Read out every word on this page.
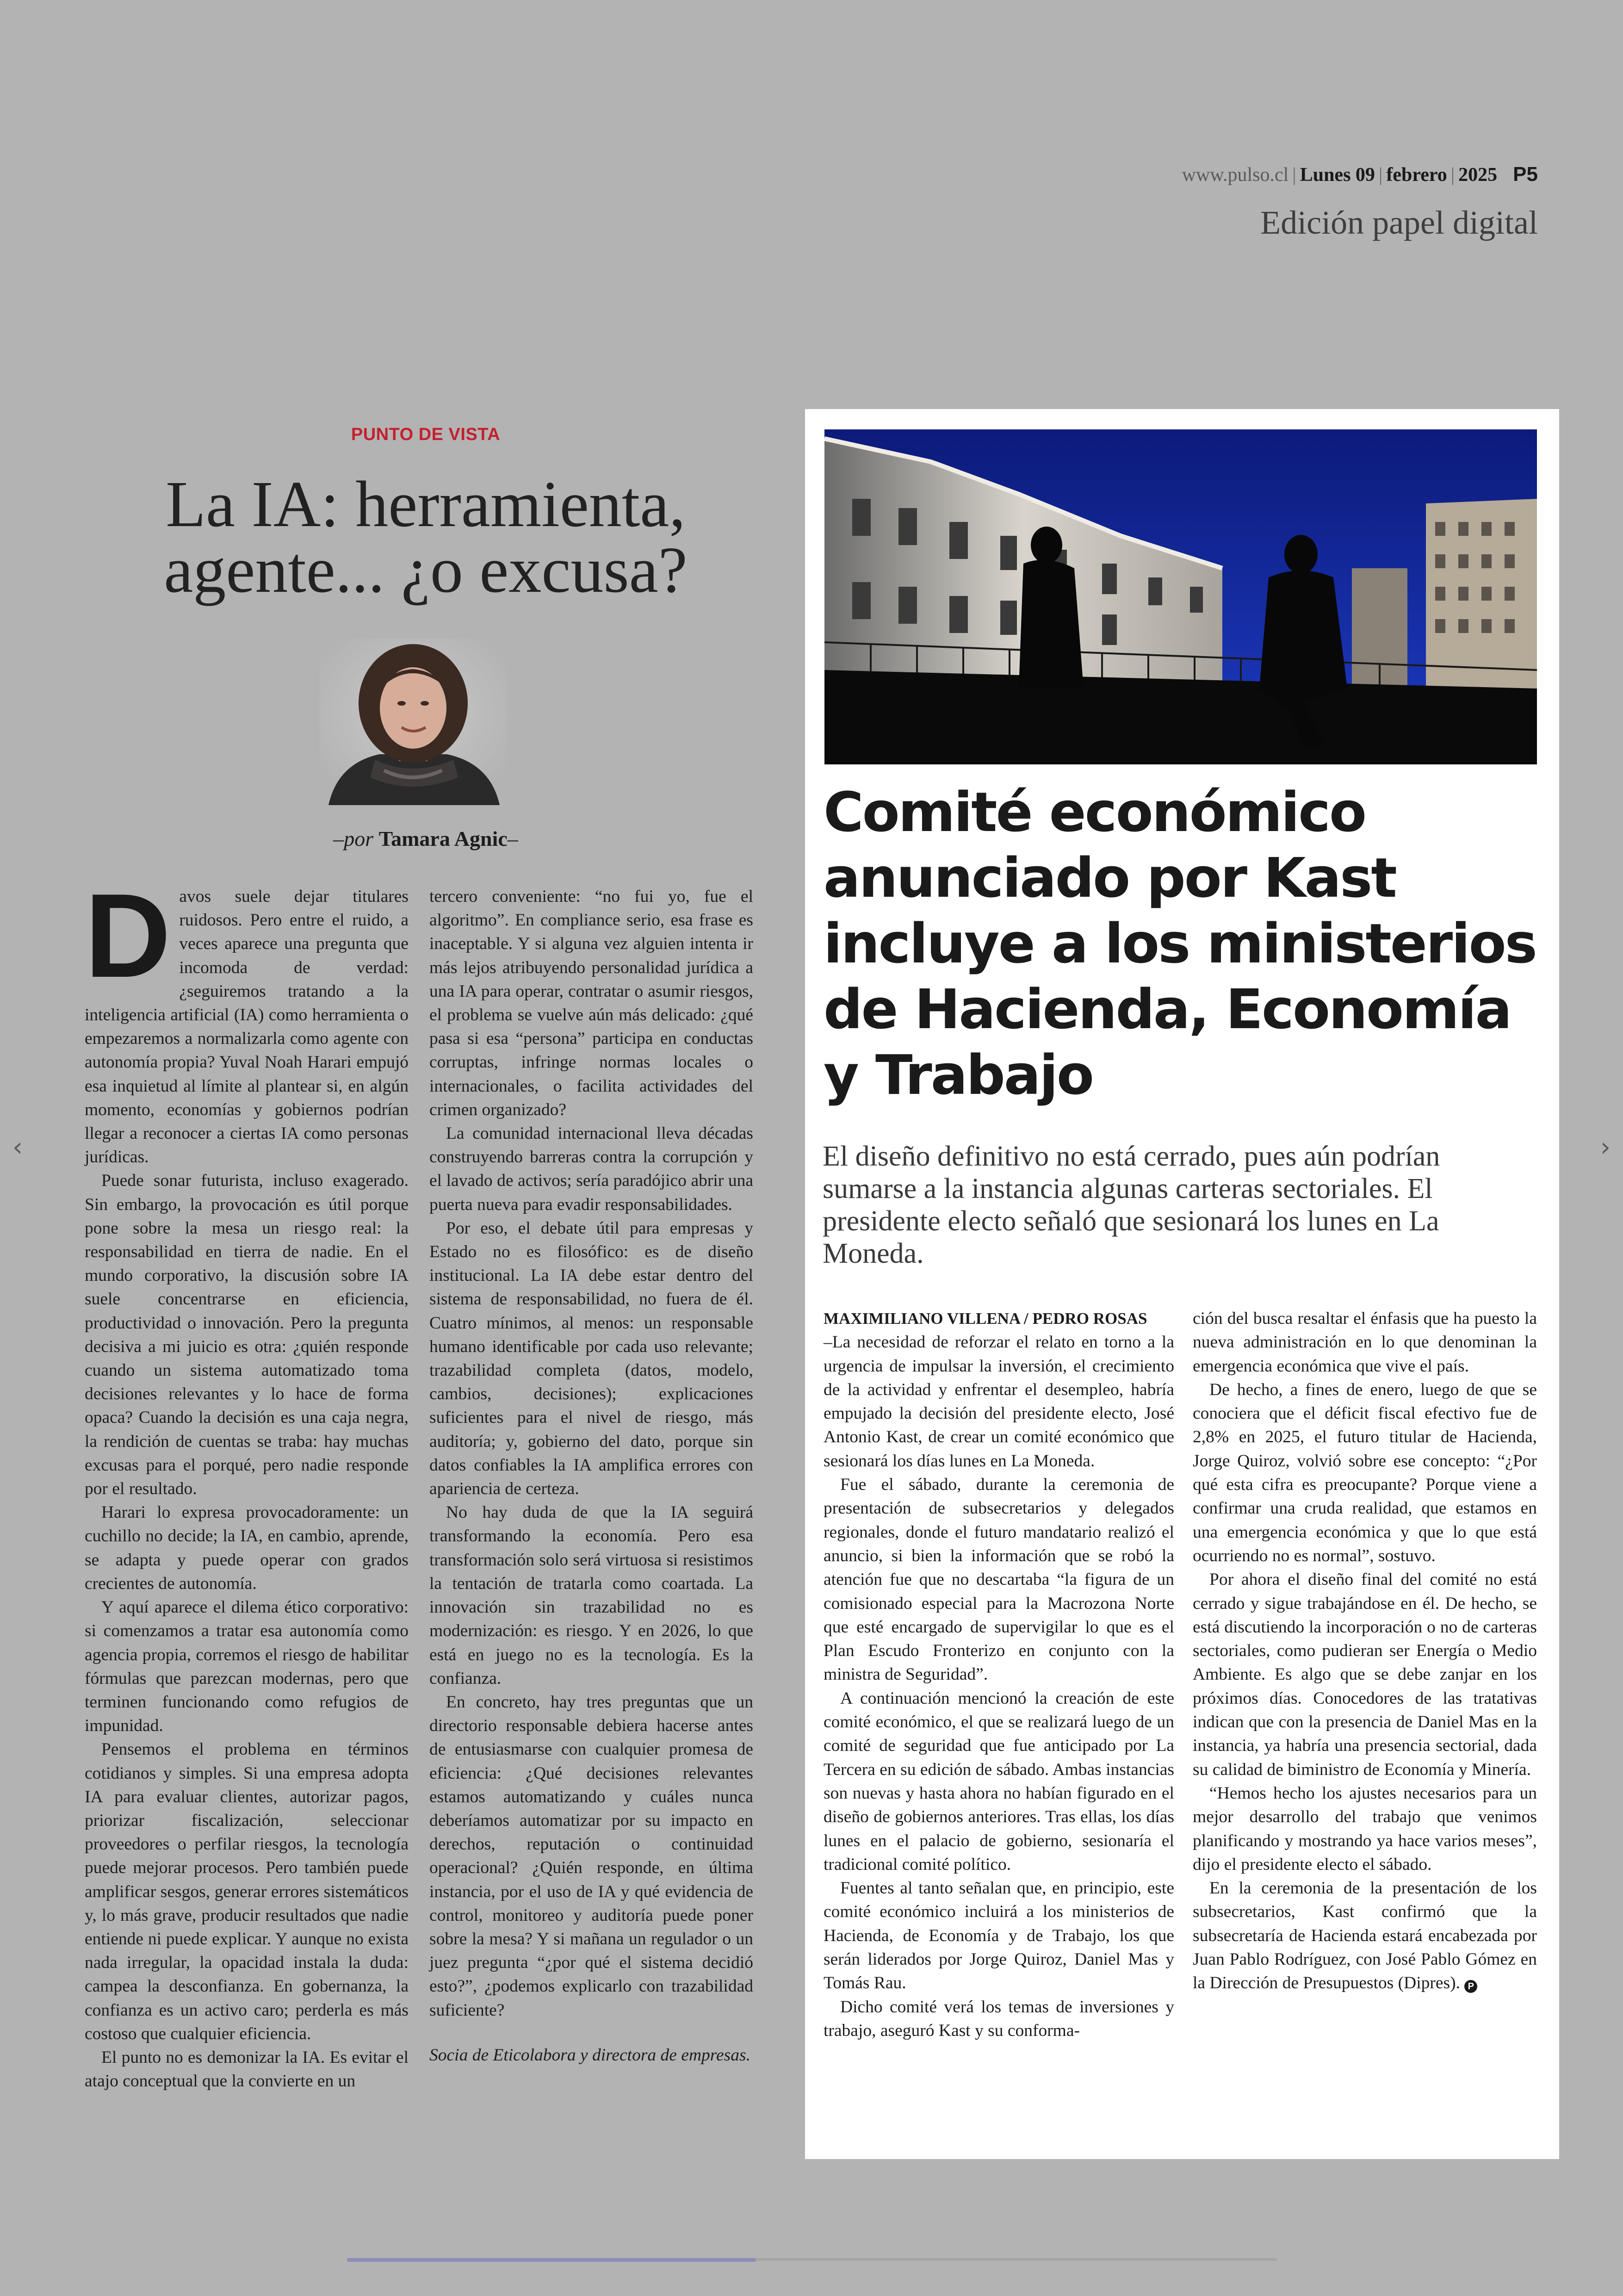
www.pulso.cl | Lunes 09 | febrero | 2025 P5
Edición papel digital
‹	›
PUNTO DE VISTA
La IA: herramienta,
agente... ¿o excusa?
–por Tamara Agnic–

Davos suele dejar titulares ruidosos. Pero entre el ruido, a veces aparece una pregunta que incomoda de verdad: ¿seguiremos tratando a la inteligencia artificial (IA) como herramienta o empezaremos a normalizarla como agente con autonomía propia? Yuval Noah Harari empujó esa inquietud al límite al plantear si, en algún momento, economías y gobiernos podrían llegar a reconocer a ciertas IA como personas jurídicas.

Puede sonar futurista, incluso exagerado. Sin embargo, la provocación es útil porque pone sobre la mesa un riesgo real: la responsabilidad en tierra de nadie. En el mundo corporativo, la discusión sobre IA suele concentrarse en eficiencia, productividad o innovación. Pero la pregunta decisiva a mi juicio es otra: ¿quién responde cuando un sistema automatizado toma decisiones relevantes y lo hace de forma opaca? Cuando la decisión es una caja negra, la rendición de cuentas se traba: hay muchas excusas para el porqué, pero nadie responde por el resultado.

Harari lo expresa provocadoramente: un cuchillo no decide; la IA, en cambio, aprende, se adapta y puede operar con grados crecientes de autonomía.

Y aquí aparece el dilema ético corporativo: si comenzamos a tratar esa autonomía como agencia propia, corremos el riesgo de habilitar fórmulas que parezcan modernas, pero que terminen funcionando como refugios de impunidad.

Pensemos el problema en términos cotidianos y simples. Si una empresa adopta IA para evaluar clientes, autorizar pagos, priorizar fiscalización, seleccionar proveedores o perfilar riesgos, la tecnología puede mejorar procesos. Pero también puede amplificar sesgos, generar errores sistemáticos y, lo más grave, producir resultados que nadie entiende ni puede explicar. Y aunque no exista nada irregular, la opacidad instala la duda: campea la desconfianza. En gobernanza, la confianza es un activo caro; perderla es más costoso que cualquier eficiencia.

El punto no es demonizar la IA. Es evitar el atajo conceptual que la convierte en un

tercero conveniente: “no fui yo, fue el algoritmo”. En compliance serio, esa frase es inaceptable. Y si alguna vez alguien intenta ir más lejos atribuyendo personalidad jurídica a una IA para operar, contratar o asumir riesgos, el problema se vuelve aún más delicado: ¿qué pasa si esa “persona” participa en conductas corruptas, infringe normas locales o internacionales, o facilita actividades del crimen organizado?

La comunidad internacional lleva décadas construyendo barreras contra la corrupción y el lavado de activos; sería paradójico abrir una puerta nueva para evadir responsabilidades.

Por eso, el debate útil para empresas y Estado no es filosófico: es de diseño institucional. La IA debe estar dentro del sistema de responsabilidad, no fuera de él. Cuatro mínimos, al menos: un responsable humano identificable por cada uso relevante; trazabilidad completa (datos, modelo, cambios, decisiones); explicaciones suficientes para el nivel de riesgo, más auditoría; y, gobierno del dato, porque sin datos confiables la IA amplifica errores con apariencia de certeza.

No hay duda de que la IA seguirá transformando la economía. Pero esa transformación solo será virtuosa si resistimos la tentación de tratarla como coartada. La innovación sin trazabilidad no es modernización: es riesgo. Y en 2026, lo que está en juego no es la tecnología. Es la confianza.

En concreto, hay tres preguntas que un directorio responsable debiera hacerse antes de entusiasmarse con cualquier promesa de eficiencia: ¿Qué decisiones relevantes estamos automatizando y cuáles nunca deberíamos automatizar por su impacto en derechos, reputación o continuidad operacional? ¿Quién responde, en última instancia, por el uso de IA y qué evidencia de control, monitoreo y auditoría puede poner sobre la mesa? Y si mañana un regulador o un juez pregunta “¿por qué el sistema decidió esto?”, ¿podemos explicarlo con trazabilidad suficiente?

Socia de Eticolabora y directora de empresas.

Comité económico anunciado por Kast incluye a los ministerios de Hacienda, Economía y Trabajo
El diseño definitivo no está cerrado, pues aún podrían sumarse a la instancia algunas carteras sectoriales. El presidente electo señaló que sesionará los lunes en La Moneda.

MAXIMILIANO VILLENA / PEDRO ROSAS

–La necesidad de reforzar el relato en torno a la urgencia de impulsar la inversión, el crecimiento de la actividad y enfrentar el desempleo, habría empujado la decisión del presidente electo, José Antonio Kast, de crear un comité económico que sesionará los días lunes en La Moneda.

Fue el sábado, durante la ceremonia de presentación de subsecretarios y delegados regionales, donde el futuro mandatario realizó el anuncio, si bien la información que se robó la atención fue que no descartaba “la figura de un comisionado especial para la Macrozona Norte que esté encargado de supervigilar lo que es el Plan Escudo Fronterizo en conjunto con la ministra de Seguridad”.

A continuación mencionó la creación de este comité económico, el que se realizará luego de un comité de seguridad que fue anticipado por La Tercera en su edición de sábado. Ambas instancias son nuevas y hasta ahora no habían figurado en el diseño de gobiernos anteriores. Tras ellas, los días lunes en el palacio de gobierno, sesionaría el tradicional comité político.

Fuentes al tanto señalan que, en principio, este comité económico incluirá a los ministerios de Hacienda, de Economía y de Trabajo, los que serán liderados por Jorge Quiroz, Daniel Mas y Tomás Rau.

Dicho comité verá los temas de inversiones y trabajo, aseguró Kast y su conforma-

ción del busca resaltar el énfasis que ha puesto la nueva administración en lo que denominan la emergencia económica que vive el país.

De hecho, a fines de enero, luego de que se conociera que el déficit fiscal efectivo fue de 2,8% en 2025, el futuro titular de Hacienda, Jorge Quiroz, volvió sobre ese concepto: “¿Por qué esta cifra es preocupante? Porque viene a confirmar una cruda realidad, que estamos en una emergencia económica y que lo que está ocurriendo no es normal”, sostuvo.

Por ahora el diseño final del comité no está cerrado y sigue trabajándose en él. De hecho, se está discutiendo la incorporación o no de carteras sectoriales, como pudieran ser Energía o Medio Ambiente. Es algo que se debe zanjar en los próximos días. Conocedores de las tratativas indican que con la presencia de Daniel Mas en la instancia, ya habría una presencia sectorial, dada su calidad de biministro de Economía y Minería.

“Hemos hecho los ajustes necesarios para un mejor desarrollo del trabajo que venimos planificando y mostrando ya hace varios meses”, dijo el presidente electo el sábado.

En la ceremonia de la presentación de los subsecretarios, Kast confirmó que la subsecretaría de Hacienda estará encabezada por Juan Pablo Rodríguez, con José Pablo Gómez en la Dirección de Presupuestos (Dipres). P
